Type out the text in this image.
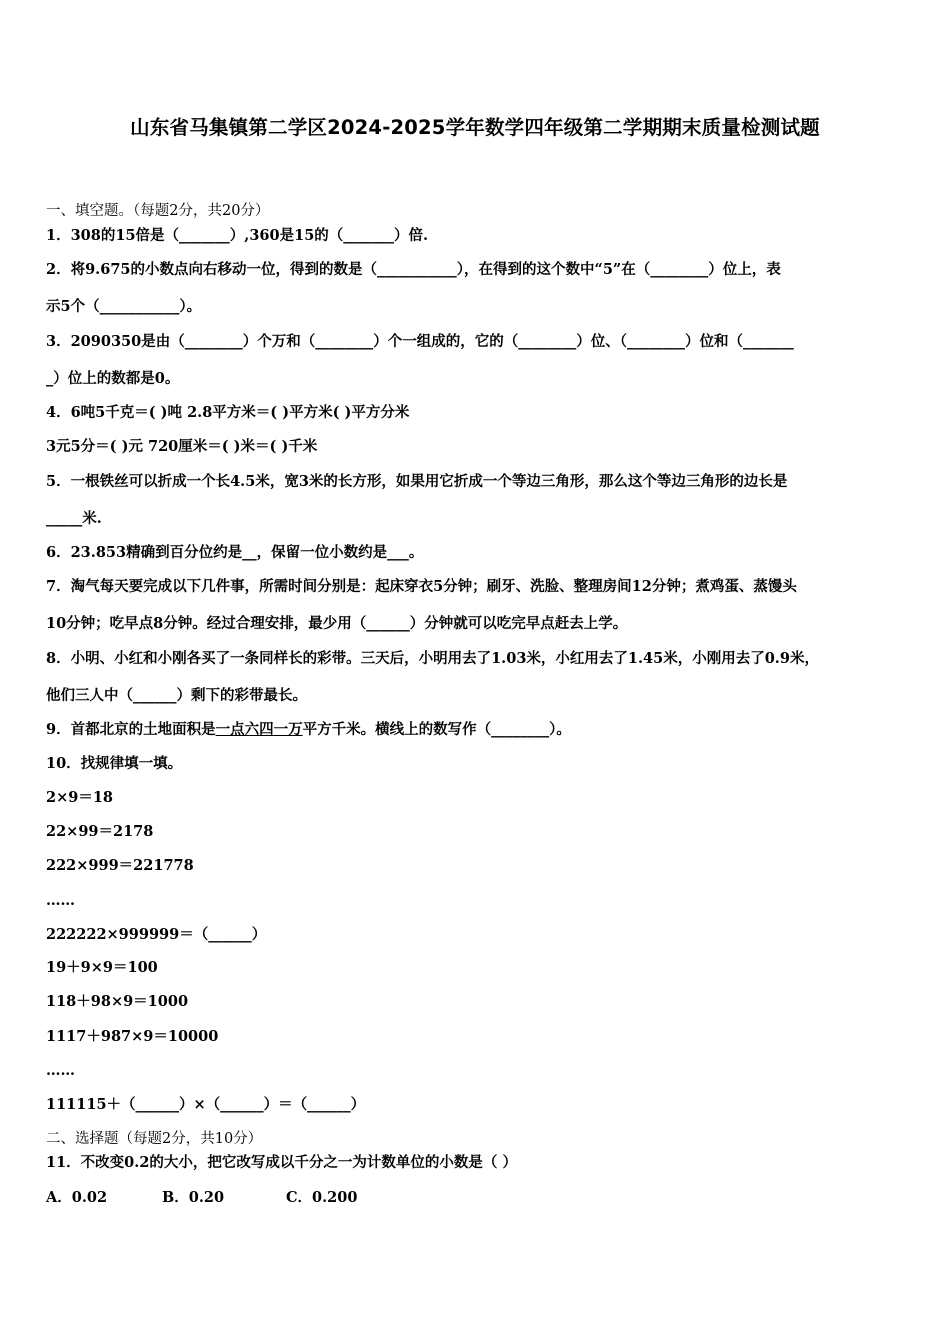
山东省马集镇第二学区2024-2025学年数学四年级第二学期期末质量检测试题
一、填空题。（每题2分，共20分）
1．308的15倍是（_______）,360是15的（_______）倍.
2．将9.675的小数点向右移动一位，得到的数是（___________），在得到的这个数中“5”在（________）位上，表
示5个（___________）。
3．2090350是由（________）个万和（________）个一组成的，它的（________）位、（________）位和（_______
_）位上的数都是0。
4．6吨5千克＝( )吨 2.8平方米＝( )平方米( )平方分米
3元5分＝( )元 720厘米＝( )米＝( )千米
5．一根铁丝可以折成一个长4.5米，宽3米的长方形，如果用它折成一个等边三角形，那么这个等边三角形的边长是
_____米.
6．23.853精确到百分位约是__，保留一位小数约是___。
7．淘气每天要完成以下几件事，所需时间分别是：起床穿衣5分钟；刷牙、洗脸、整理房间12分钟；煮鸡蛋、蒸馒头
10分钟；吃早点8分钟。经过合理安排，最少用（______）分钟就可以吃完早点赶去上学。
8．小明、小红和小刚各买了一条同样长的彩带。三天后，小明用去了1.03米，小红用去了1.45米，小刚用去了0.9米，
他们三人中（______）剩下的彩带最长。
9．首都北京的土地面积是一点六四一万平方千米。横线上的数写作（________）。
10．找规律填一填。
2×9＝18
22×99＝2178
222×999＝221778
……
222222×999999＝（______）
19＋9×9＝100
118＋98×9＝1000
1117＋987×9＝10000
……
111115＋（______）×（______）＝（______）
二、选择题（每题2分，共10分）
11．不改变0.2的大小，把它改写成以千分之一为计数单位的小数是（ ）
A．0.02	B．0.20	C．0.200
